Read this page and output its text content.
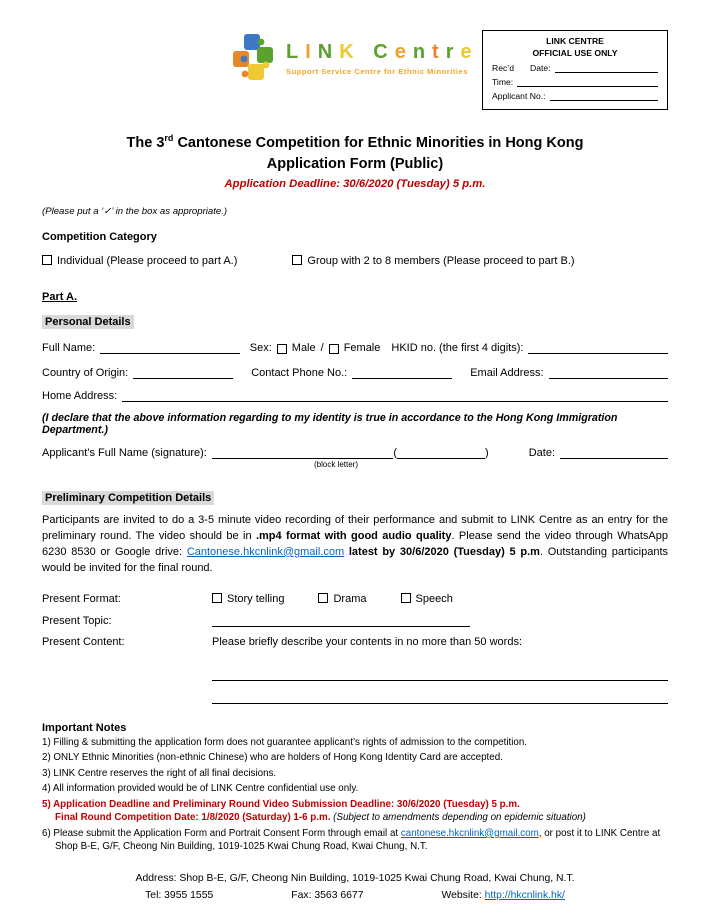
LINK Centre
Support Service Centre for Ethnic Minorities
LINK CENTRE
OFFICIAL USE ONLY
Rec’d Date:
Time:
Applicant No.:
The 3rd Cantonese Competition for Ethnic Minorities in Hong Kong
Application Form (Public)
Application Deadline: 30/6/2020 (Tuesday) 5 p.m.
(Please put a ‘✓’ in the box as appropriate.)
Competition Category
Individual (Please proceed to part A.)	Group with 2 to 8 members (Please proceed to part B.)
Part A.
Personal Details
Full Name:	Sex: Male / Female HKID no. (the first 4 digits):
Country of Origin:	Contact Phone No.:	Email Address:
Home Address:
(I declare that the above information regarding to my identity is true in accordance to the Hong Kong Immigration Department.)
Applicant’s Full Name (signature):	(	)	Date:
(block letter)
Preliminary Competition Details

Participants are invited to do a 3-5 minute video recording of their performance and submit to LINK Centre as an entry for the preliminary round. The video should be in .mp4 format with good audio quality. Please send the video through WhatsApp 6230 8530 or Google drive: Cantonese.hkcnlink@gmail.com latest by 30/6/2020 (Tuesday) 5 p.m. Outstanding participants would be invited for the final round.

Present Format:	Story telling	Drama	Speech
Present Topic:
Present Content:	Please briefly describe your contents in no more than 50 words:

Important Notes
1) Filling & submitting the application form does not guarantee applicant’s rights of admission to the competition.
2) ONLY Ethnic Minorities (non-ethnic Chinese) who are holders of Hong Kong Identity Card are accepted.
3) LINK Centre reserves the right of all final decisions.
4) All information provided would be of LINK Centre confidential use only.
5) Application Deadline and Preliminary Round Video Submission Deadline: 30/6/2020 (Tuesday) 5 p.m.
Final Round Competition Date: 1/8/2020 (Saturday) 1-6 p.m. (Subject to amendments depending on epidemic situation)
6) Please submit the Application Form and Portrait Consent Form through email at cantonese.hkcnlink@gmail.com, or post it to LINK Centre at Shop B-E, G/F, Cheong Nin Building, 1019-1025 Kwai Chung Road, Kwai Chung, N.T.
Address: Shop B-E, G/F, Cheong Nin Building, 1019-1025 Kwai Chung Road, Kwai Chung, N.T.
Tel: 3955 1555	Fax: 3563 6677	Website: http://hkcnlink.hk/
